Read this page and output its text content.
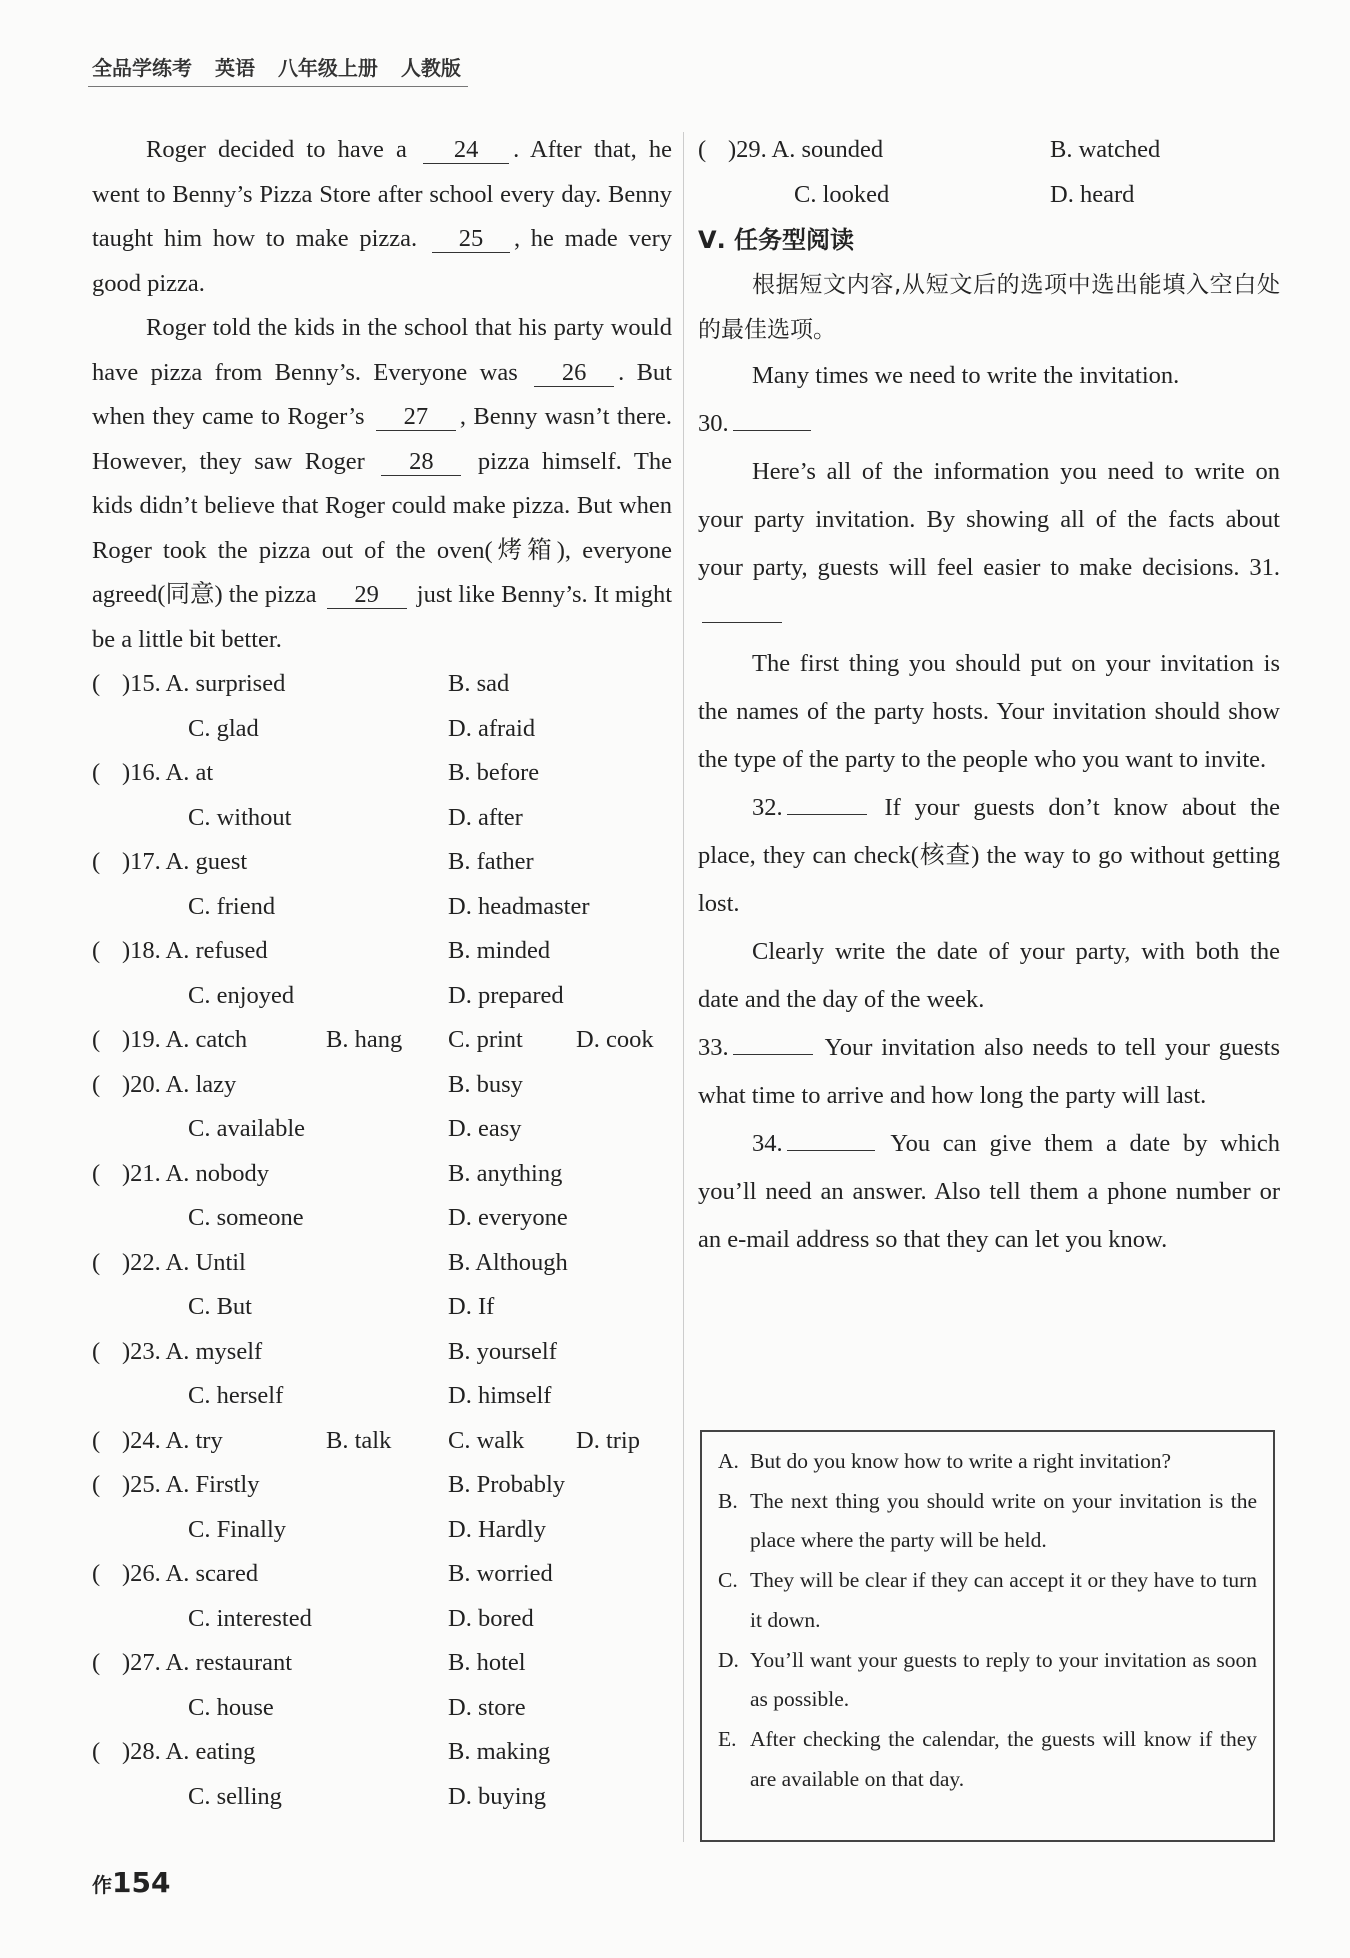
全品学练考 英语 八年级上册 人教版

Roger decided to have a 24 . After that, he went to Benny’s Pizza Store after school every day. Benny taught him how to make pizza. 25 , he made very good pizza.

Roger told the kids in the school that his party would have pizza from Benny’s. Everyone was 26 . But when they came to Roger’s 27 , Benny wasn’t there. However, they saw Roger 28 pizza himself. The kids didn’t believe that Roger could make pizza. But when Roger took the pizza out of the oven(烤箱), everyone agreed(同意) the pizza 29 just like Benny’s. It might be a little bit better.

( )15. A. surprised	B. sad
C. glad	D. afraid
( )16. A. at	B. before
C. without	D. after
( )17. A. guest	B. father
C. friend	D. headmaster
( )18. A. refused	B. minded
C. enjoyed	D. prepared
( )19. A. catch	B. hang C. print D. cook
( )20. A. lazy	B. busy
C. available	D. easy
( )21. A. nobody	B. anything
C. someone	D. everyone
( )22. A. Until	B. Although
C. But	D. If
( )23. A. myself	B. yourself
C. herself	D. himself
( )24. A. try	B. talk C. walk D. trip
( )25. A. Firstly	B. Probably
C. Finally	D. Hardly
( )26. A. scared	B. worried
C. interested	D. bored
( )27. A. restaurant	B. hotel
C. house	D. store
( )28. A. eating	B. making
C. selling	D. buying
( )29. A. sounded	B. watched
C. looked	D. heard
Ⅴ. 任务型阅读

根据短文内容,从短文后的选项中选出能填入空白处的最佳选项。

Many times we need to write the invitation.

30.

Here’s all of the information you need to write on your party invitation. By showing all of the facts about your party, guests will feel easier to make decisions. 31.

The first thing you should put on your invitation is the names of the party hosts. Your invitation should show the type of the party to the people who you want to invite.

32.	If your guests don’t know about the place, they can check(核查) the way to go without getting lost.

Clearly write the date of your party, with both the date and the day of the week.

33.	Your invitation also needs to tell your guests what time to arrive and how long the party will last.

34.	You can give them a date by which you’ll need an answer. Also tell them a phone number or an e-mail address so that they can let you know.

A. But do you know how to write a right invitation?
B. The next thing you should write on your invitation is the place where the party will be held.
C. They will be clear if they can accept it or they have to turn it down.
D. You’ll want your guests to reply to your invitation as soon as possible.
E. After checking the calendar, the guests will know if they are available on that day.
作154
